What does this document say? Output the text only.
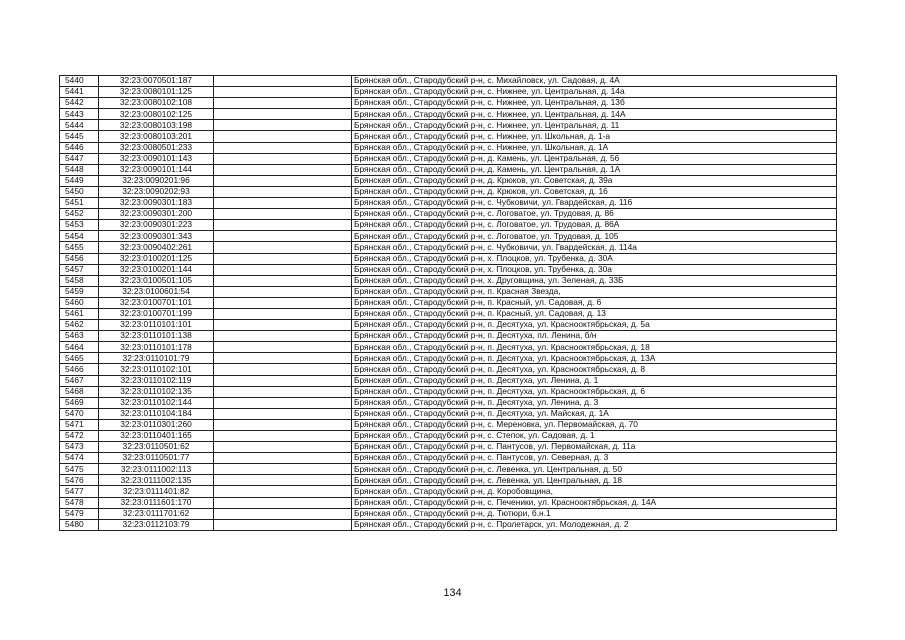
5440	32:23:0070501:187		Брянская обл., Стародубский р-н, с. Михайловск, ул. Садовая, д. 4А
5441	32:23:0080101:125		Брянская обл., Стародубский р-н, с. Нижнее, ул. Центральная, д. 14а
5442	32:23:0080102:108		Брянская обл., Стародубский р-н, с. Нижнее, ул. Центральная, д. 13б
5443	32:23:0080102:125		Брянская обл., Стародубский р-н, с. Нижнее, ул. Центральная, д. 14А
5444	32:23:0080103:198		Брянская обл., Стародубский р-н, с. Нижнее, ул. Центральная, д. 11
5445	32:23:0080103:201		Брянская обл., Стародубский р-н, с. Нижнее, ул. Школьная, д. 1-а
5446	32:23:0080501:233		Брянская обл., Стародубский р-н, с. Нижнее, ул. Школьная, д. 1А
5447	32:23:0090101:143		Брянская обл., Стародубский р-н, д. Камень, ул. Центральная, д. 56
5448	32:23:0090101:144		Брянская обл., Стародубский р-н, д. Камень, ул. Центральная, д. 1А
5449	32:23:0090201:96		Брянская обл., Стародубский р-н, д. Крюков, ул. Советская, д. 39а
5450	32:23:0090202:93		Брянская обл., Стародубский р-н, д. Крюков, ул. Советская, д. 16
5451	32:23:0090301:183		Брянская обл., Стародубский р-н, с. Чубковичи, ул. Гвардейская, д. 116
5452	32:23:0090301:200		Брянская обл., Стародубский р-н, с. Логоватое, ул. Трудовая, д. 86
5453	32:23:0090301:223		Брянская обл., Стародубский р-н, с. Логоватое, ул. Трудовая, д. 86А
5454	32:23:0090301:343		Брянская обл., Стародубский р-н, с. Логоватое, ул. Трудовая, д. 105
5455	32:23:0090402:261		Брянская обл., Стародубский р-н, с. Чубковичи, ул. Гвардейская, д. 114а
5456	32:23:0100201:125		Брянская обл., Стародубский р-н, х. Плоцков, ул. Трубенка, д. 30А
5457	32:23:0100201:144		Брянская обл., Стародубский р-н, х. Плоцков, ул. Трубенка, д. 30а
5458	32:23:0100501:105		Брянская обл., Стародубский р-н, х. Друговщина, ул. Зеленая, д. 33Б
5459	32:23:0100601:54		Брянская обл., Стародубский р-н, п. Красная Звезда,
5460	32:23:0100701:101		Брянская обл., Стародубский р-н, п. Красный, ул. Садовая, д. 6
5461	32:23:0100701:199		Брянская обл., Стародубский р-н, п. Красный, ул. Садовая, д. 13
5462	32:23:0110101:101		Брянская обл., Стародубский р-н, п. Десятуха, ул. Краснооктябрьская, д. 5а
5463	32:23:0110101:138		Брянская обл., Стародубский р-н, п. Десятуха, пл. Ленина, б/н
5464	32:23:0110101:178		Брянская обл., Стародубский р-н, п. Десятуха, ул. Краснооктябрьская, д. 18
5465	32:23:0110101:79		Брянская обл., Стародубский р-н, п. Десятуха, ул. Краснооктябрьская, д. 13А
5466	32:23:0110102:101		Брянская обл., Стародубский р-н, п. Десятуха, ул. Краснооктябрьская, д. 8
5467	32:23:0110102:119		Брянская обл., Стародубский р-н, п. Десятуха, ул. Ленина, д. 1
5468	32:23:0110102:135		Брянская обл., Стародубский р-н, п. Десятуха, ул. Краснооктябрьская, д. 6
5469	32:23:0110102:144		Брянская обл., Стародубский р-н, п. Десятуха, ул. Ленина, д. 3
5470	32:23:0110104:184		Брянская обл., Стародубский р-н, п. Десятуха, ул. Майская, д. 1А
5471	32:23:0110301:260		Брянская обл., Стародубский р-н, с. Мереновка, ул. Первомайская, д. 70
5472	32:23:0110401:165		Брянская обл., Стародубский р-н, с. Степок, ул. Садовая, д. 1
5473	32:23:0110501:62		Брянская обл., Стародубский р-н, с. Пантусов, ул. Первомайская, д. 11а
5474	32:23:0110501:77		Брянская обл., Стародубский р-н, с. Пантусов, ул. Северная, д. 3
5475	32:23:0111002:113		Брянская обл., Стародубский р-н, с. Левенка, ул. Центральная, д. 50
5476	32:23:0111002:135		Брянская обл., Стародубский р-н, с. Левенка, ул. Центральная, д. 18
5477	32:23:0111401:82		Брянская обл., Стародубский р-н, д. Коробовщина,
5478	32:23:0111601:170		Брянская обл., Стародубский р-н, с. Печеники, ул. Краснооктябрьская, д. 14А
5479	32:23:0111701:62		Брянская обл., Стародубский р-н, д. Тютюри, б.н.1
5480	32:23:0112103:79		Брянская обл., Стародубский р-н, с. Пролетарск, ул. Молодежная, д. 2
134
